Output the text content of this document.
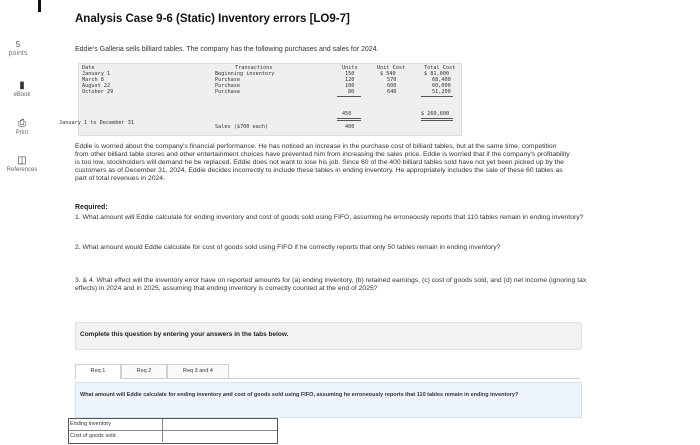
5
points
▮
eBook
⎙
Print
◫
References
Analysis Case 9-6 (Static) Inventory errors [LO9-7]
Eddie's Galleria sells billiard tables. The company has the following purchases and sales for 2024.
Date	Transactions	Units	Unit Cost	Total Cost
January 1	Beginning inventory	150	$ 540	$ 81,000
March 8	Purchase	120	570	68,400
August 22	Purchase	100	600	60,000
October 29	Purchase	80	640	51,200
450	$ 260,600
January 1 to December 31
Sales ($700 each)	400
Eddie is worried about the company's financial performance. He has noticed an increase in the purchase cost of billiard tables, but at the same time, competition from other billiard table stores and other entertainment choices have prevented him from increasing the sales price. Eddie is worried that if the company's profitability is too low, stockholders will demand he be replaced. Eddie does not want to lose his job. Since 60 of the 400 billiard tables sold have not yet been picked up by the customers as of December 31, 2024, Eddie decides incorrectly to include these tables in ending inventory. He appropriately includes the sale of these 60 tables as part of total revenues in 2024.
Required:
1. What amount will Eddie calculate for ending inventory and cost of goods sold using FIFO, assuming he erroneously reports that 110 tables remain in ending inventory?
2. What amount would Eddie calculate for cost of goods sold using FIFO if he correctly reports that only 50 tables remain in ending inventory?
3. & 4. What effect will the inventory error have on reported amounts for (a) ending inventory, (b) retained earnings, (c) cost of goods sold, and (d) net income (ignoring tax effects) in 2024 and in 2025, assuming that ending inventory is correctly counted at the end of 2025?
Complete this question by entering your answers in the tabs below.
Req 1	Req 2	Req 3 and 4
What amount will Eddie calculate for ending inventory and cost of goods sold using FIFO, assuming he erroneously reports that 110 tables remain in ending inventory?
Ending inventory
Cost of goods sold
